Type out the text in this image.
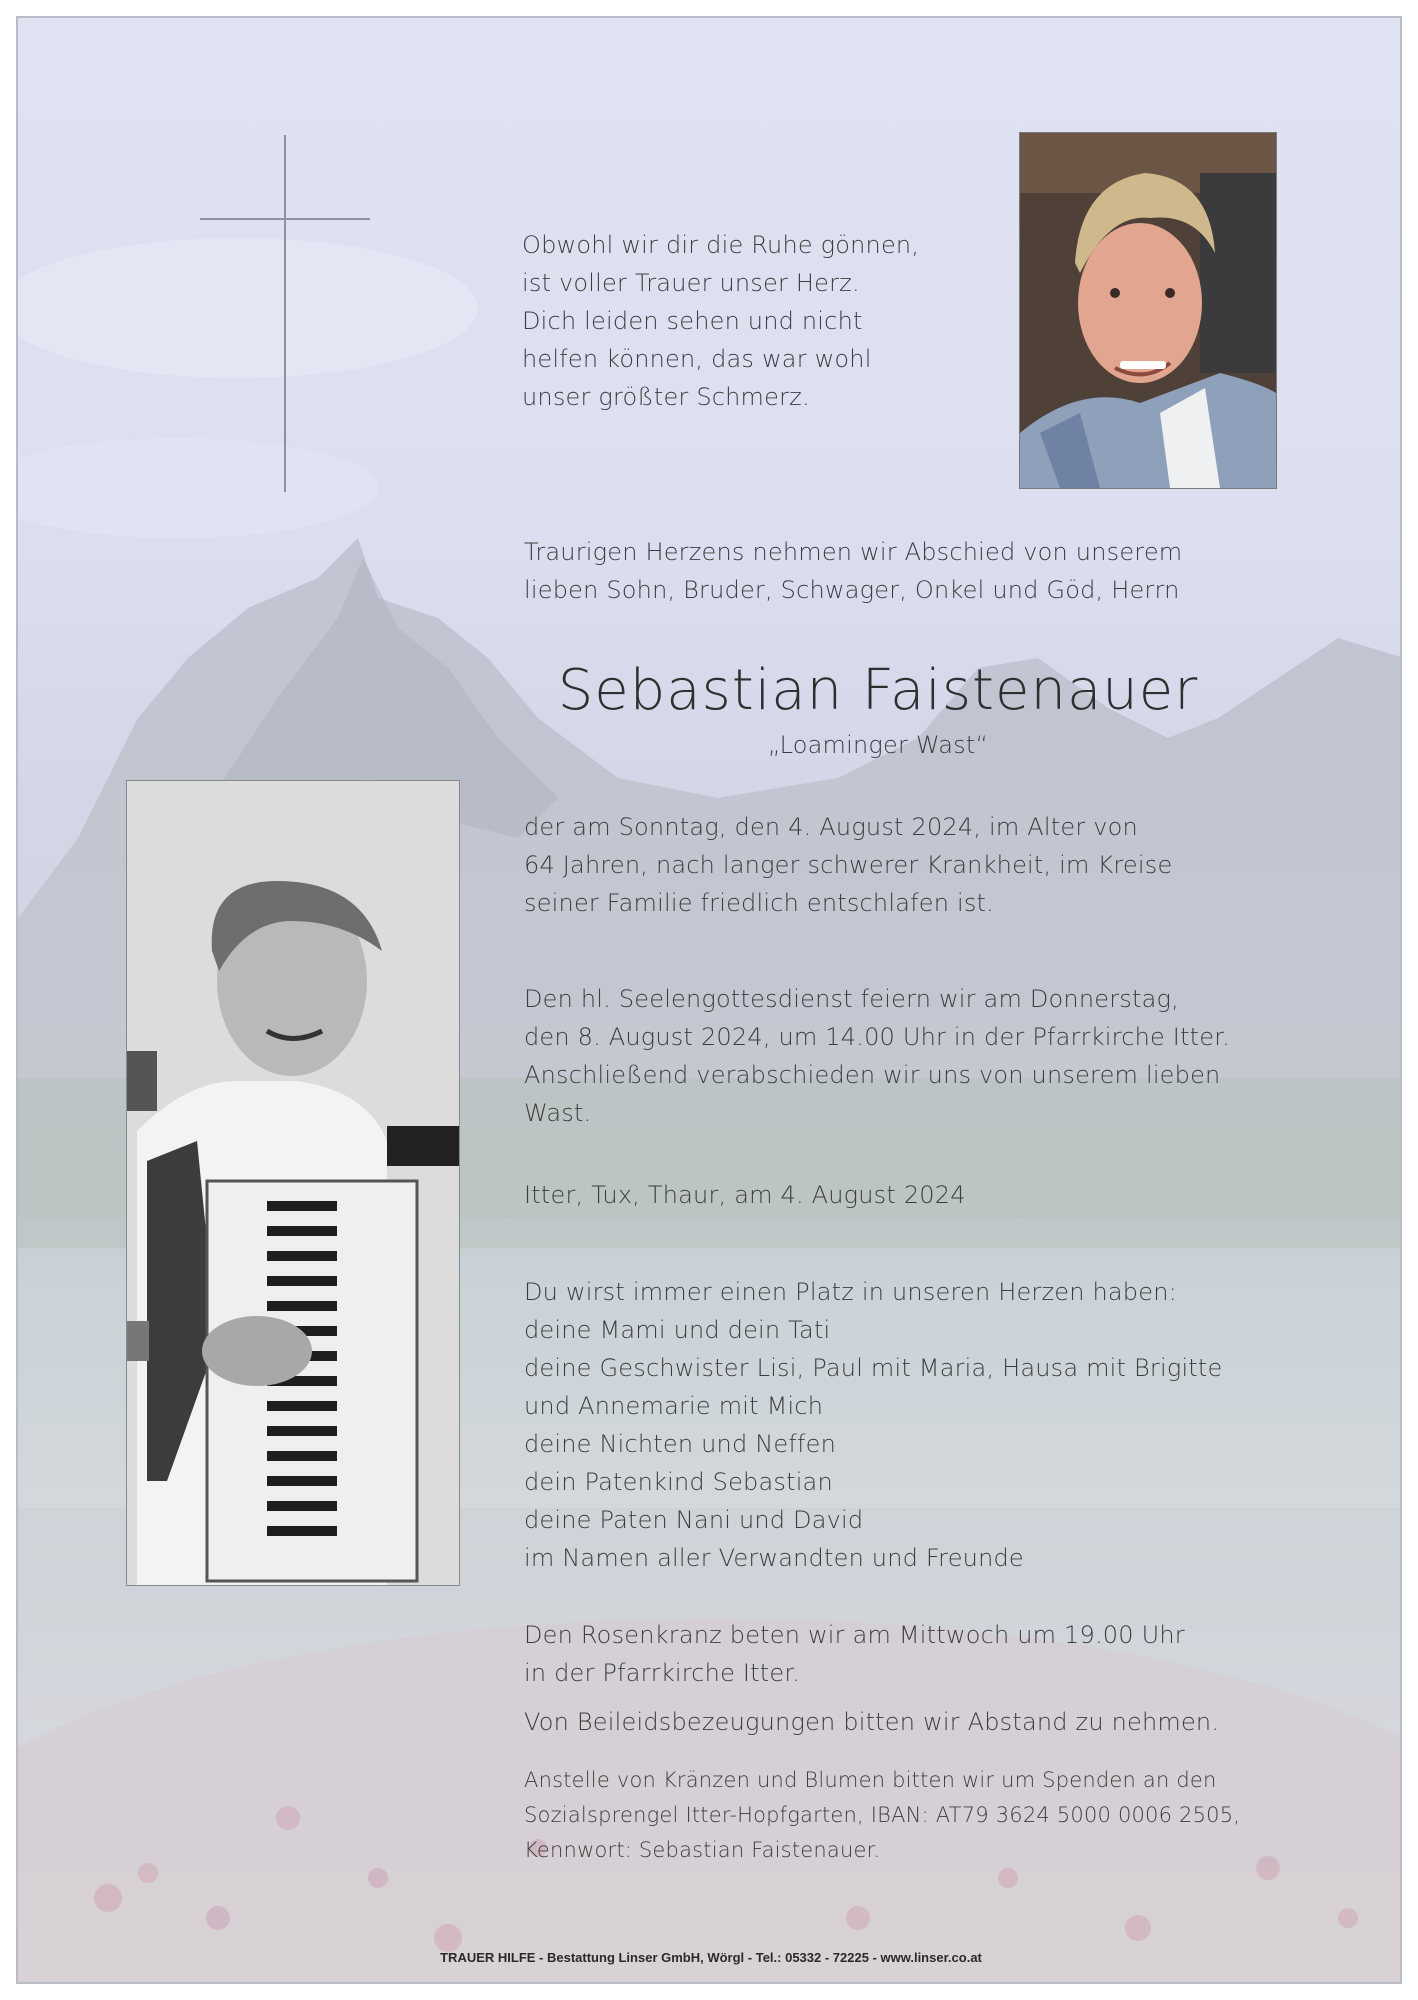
Obwohl wir dir die Ruhe gönnen,
ist voller Trauer unser Herz.
Dich leiden sehen und nicht
helfen können, das war wohl
unser größter Schmerz.
Traurigen Herzens nehmen wir Abschied von unserem
lieben Sohn, Bruder, Schwager, Onkel und Göd, Herrn
Sebastian Faistenauer
„Loaminger Wast“
der am Sonntag, den 4. August 2024, im Alter von
64 Jahren, nach langer schwerer Krankheit, im Kreise
seiner Familie friedlich entschlafen ist.
Den hl. Seelengottesdienst feiern wir am Donnerstag,
den 8. August 2024, um 14.00 Uhr in der Pfarrkirche Itter.
Anschließend verabschieden wir uns von unserem lieben
Wast.
Itter, Tux, Thaur, am 4. August 2024
Du wirst immer einen Platz in unseren Herzen haben:
deine Mami und dein Tati
deine Geschwister Lisi, Paul mit Maria, Hausa mit Brigitte
und Annemarie mit Mich
deine Nichten und Neffen
dein Patenkind Sebastian
deine Paten Nani und David
im Namen aller Verwandten und Freunde
Den Rosenkranz beten wir am Mittwoch um 19.00 Uhr
in der Pfarrkirche Itter.
Von Beileidsbezeugungen bitten wir Abstand zu nehmen.
Anstelle von Kränzen und Blumen bitten wir um Spenden an den
Sozialsprengel Itter-Hopfgarten, IBAN: AT79 3624 5000 0006 2505,
Kennwort: Sebastian Faistenauer.
TRAUER HILFE - Bestattung Linser GmbH, Wörgl - Tel.: 05332 - 72225 - www.linser.co.at
